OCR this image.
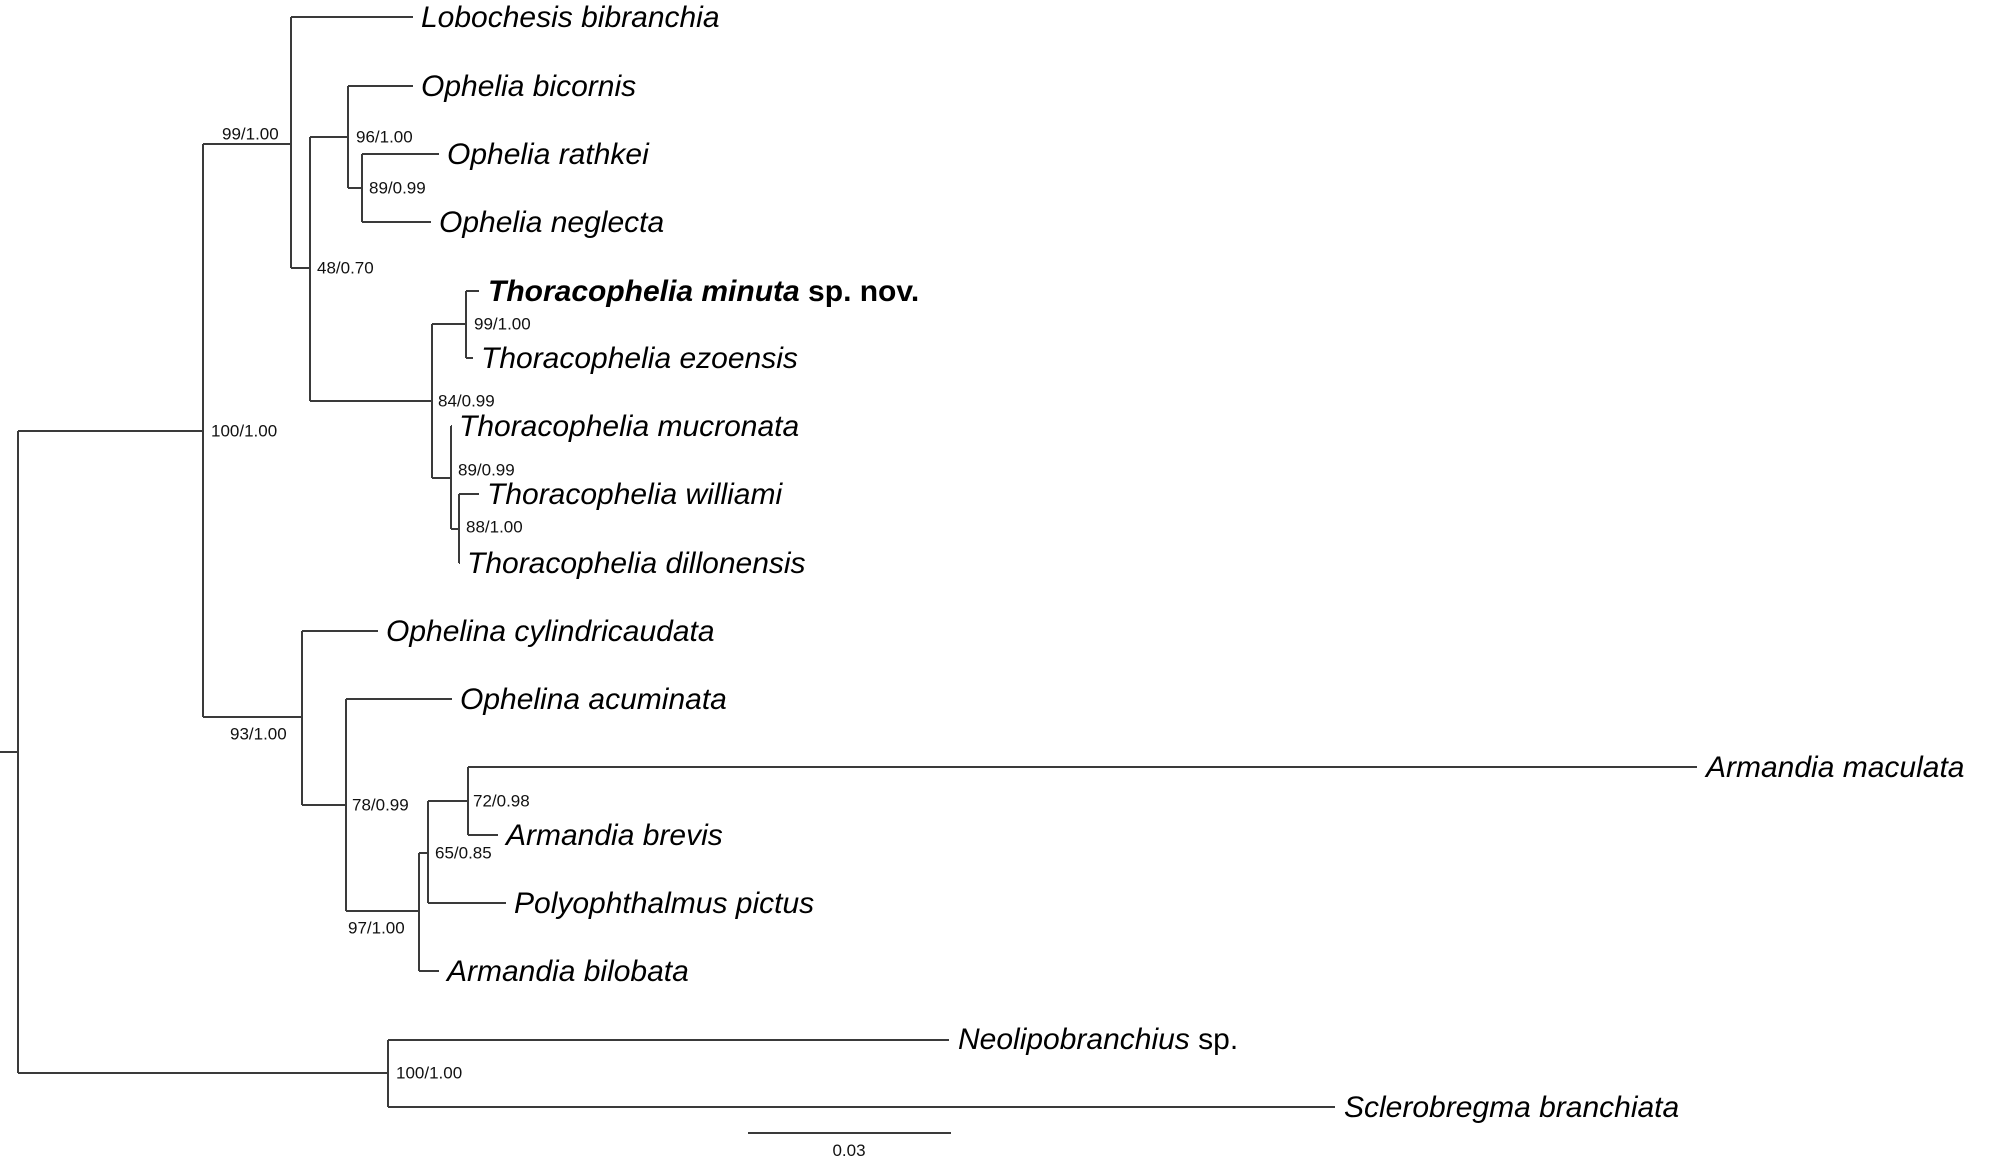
99/1.00	96/1.00
89/0.99
48/0.70
99/1.00
84/0.99
89/0.99
88/1.00
100/1.00
93/1.00
78/0.99	72/0.98
65/0.85
97/1.00
100/1.00
Lobochesis bibranchia
Ophelia bicornis
Ophelia rathkei
Ophelia neglecta
Thoracophelia minuta sp. nov.
Thoracophelia ezoensis
Thoracophelia mucronata
Thoracophelia williami
Thoracophelia dillonensis
Ophelina cylindricaudata
Ophelina acuminata
Armandia maculata
Armandia brevis
Polyophthalmus pictus
Armandia bilobata
Neolipobranchius sp.
Sclerobregma branchiata
0.03
